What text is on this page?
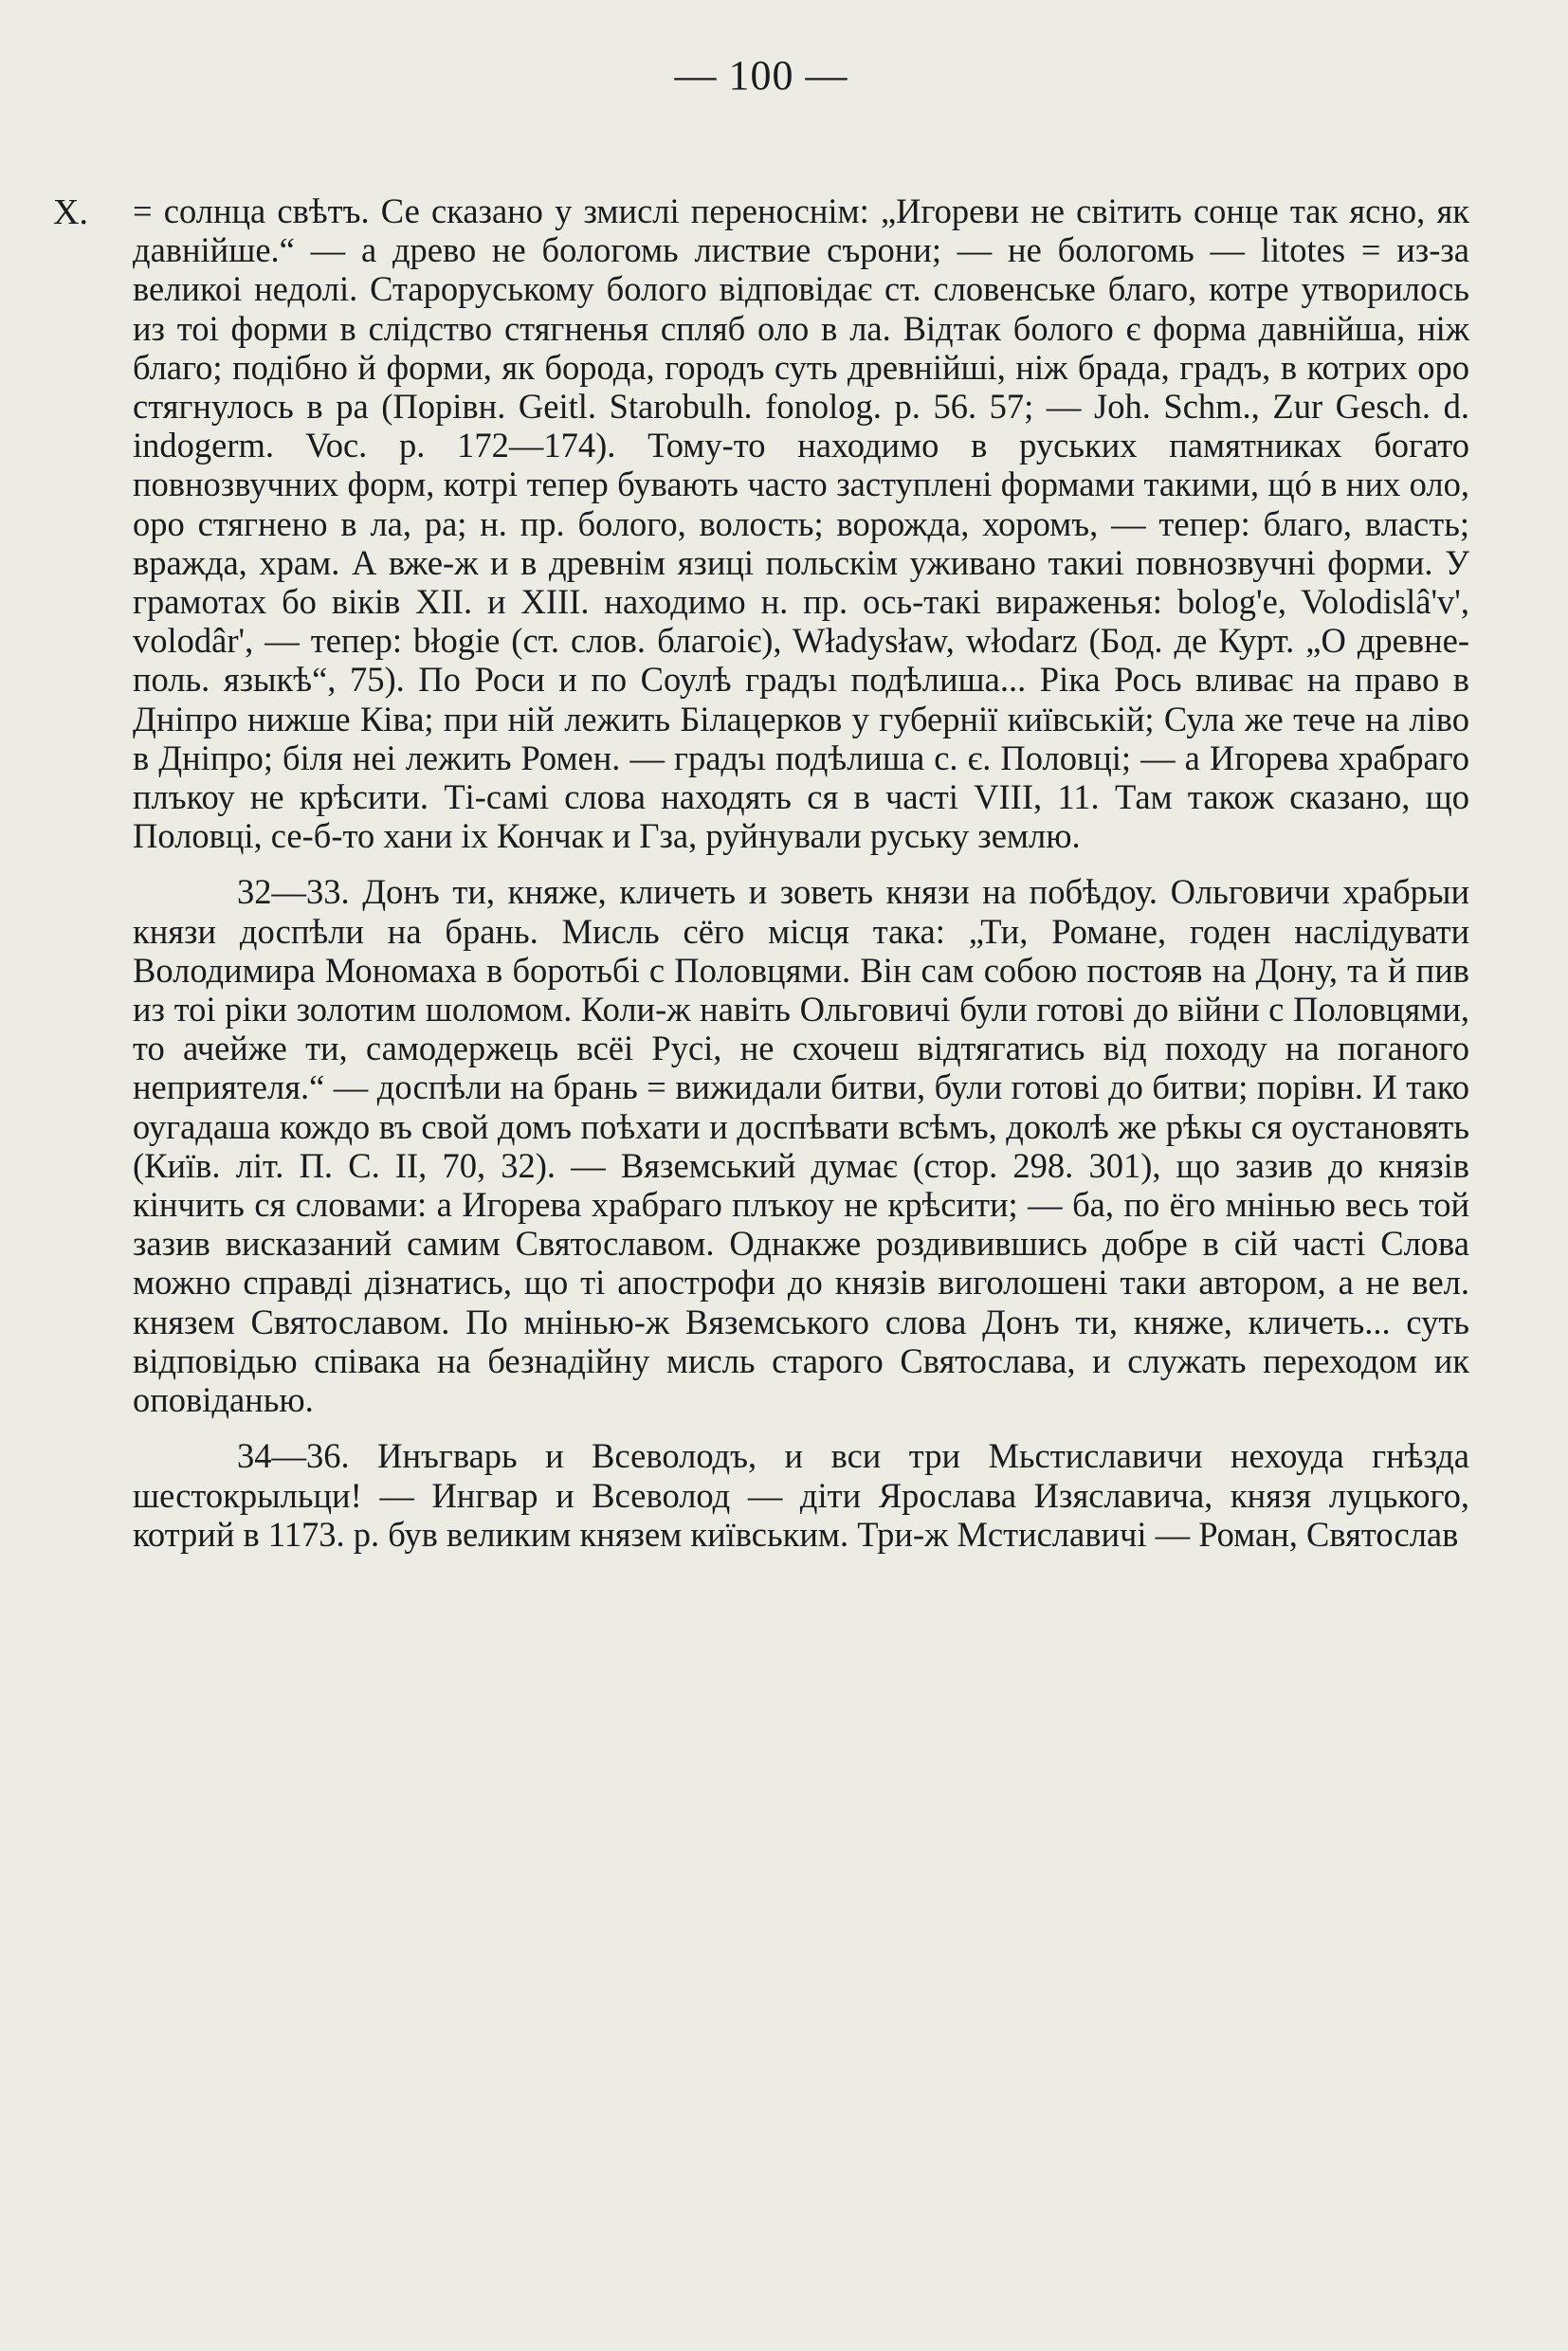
— 100 —
X. = солнца свѣтъ. Се сказано у змислі переноснім: „Игореви не світить сонце так ясно, як давнійше.“ — а древо не бологомь листвие сърони; — не бологомь — litotes = из-за великоі недолі. Староруському бологo відповідає ст. словенське благо, котре утворилось из тоі форми в слідство стягненья спляб оло в ла. Відтак бологo є форма давнійша, ніж благо; подібно й форми, як борода, городъ суть древнійші, ніж брада, градъ, в котрих оро стягнулось в ра (Порівн. Geitl. Starobulh. fonolog. p. 56. 57; — Joh. Schm., Zur Gesch. d. indogerm. Voc. p. 172—174). Тому-то находимо в руських памятниках богато повнозвучних форм, котрі тепер бувають часто заступлені формами такими, щó в них оло, оро стягнено в ла, ра; н. пр. болого, волость; ворожда, хоромъ, — тепер: благо, власть; вражда, храм. А вже-ж и в древнім язиці польскім уживано такиі повнозвучні форми. У грамотах бо віків XII. и XIII. находимо н. пр. ось-такі вираженья: bolog'e, Volodislâ'v', volodâr', — тепер: błogie (ст. слов. благоіє), Władysław, włodarz (Бод. де Курт. „О древне-поль. языкѣ“, 75). По Роси и по Соулѣ градъı подѣлиша... Ріка Рось вливає на право в Дніпро нижше Ківа; при ній лежить Білацерков у губернії київській; Сула же тече на ліво в Дніпро; біля неі лежить Ромен. — градъı подѣлиша с. є. Половці; — а Игорева храбраго плъкоу не крѣсити. Ті-самі слова находять ся в часті VIII, 11. Там також сказано, що Половці, се-б-то хани іх Кончак и Гза, руйнували руську землю.

32—33. Донъ ти, княже, кличеть и зоветь князи на побѣдоу. Ольговичи храбрыи князи доспѣли на брань. Мисль сёго місця така: „Ти, Романе, годен наслідувати Володимира Мономаха в боротьбі с Половцями. Він сам собою постояв на Дону, та й пив из тоі ріки золотим шоломом. Коли-ж навіть Ольговичі були готові до війни с Половцями, то ачейже ти, самодержець всёі Русі, не схочеш відтягатись від походу на поганого неприятеля.“ — доспѣли на брань = вижидали битви, були готові до битви; порівн. И тако оугадаша кождо въ свой домъ поѣхати и доспѣвати всѣмъ, доколѣ же рѣкы ся оустановять (Київ. літ. П. С. II, 70, 32). — Вяземський думає (стор. 298. 301), що зазив до князів кінчить ся словами: а Игорева храбраго плъкоу не крѣсити; — ба, по ёго мнінью весь той зазив висказаний самим Святославом. Однакже роздивившись добре в сій часті Слова можно справді дізнатись, що ті апострофи до князів виголошені таки автором, а не вел. князем Святославом. По мнінью-ж Вяземського слова Донъ ти, княже, кличеть... суть відповідью співака на безнадійну мисль старого Святослава, и служать переходом ик оповіданью.

34—36. Инъгварь и Всеволодъ, и вси три Мьстиславичи нехоуда гнѣзда шестокрыльци! — Ингвар и Всеволод — діти Ярослава Изяславича, князя луцького, котрий в 1173. р. був великим князем київським. Три-ж Мстиславичі — Роман, Святослав
